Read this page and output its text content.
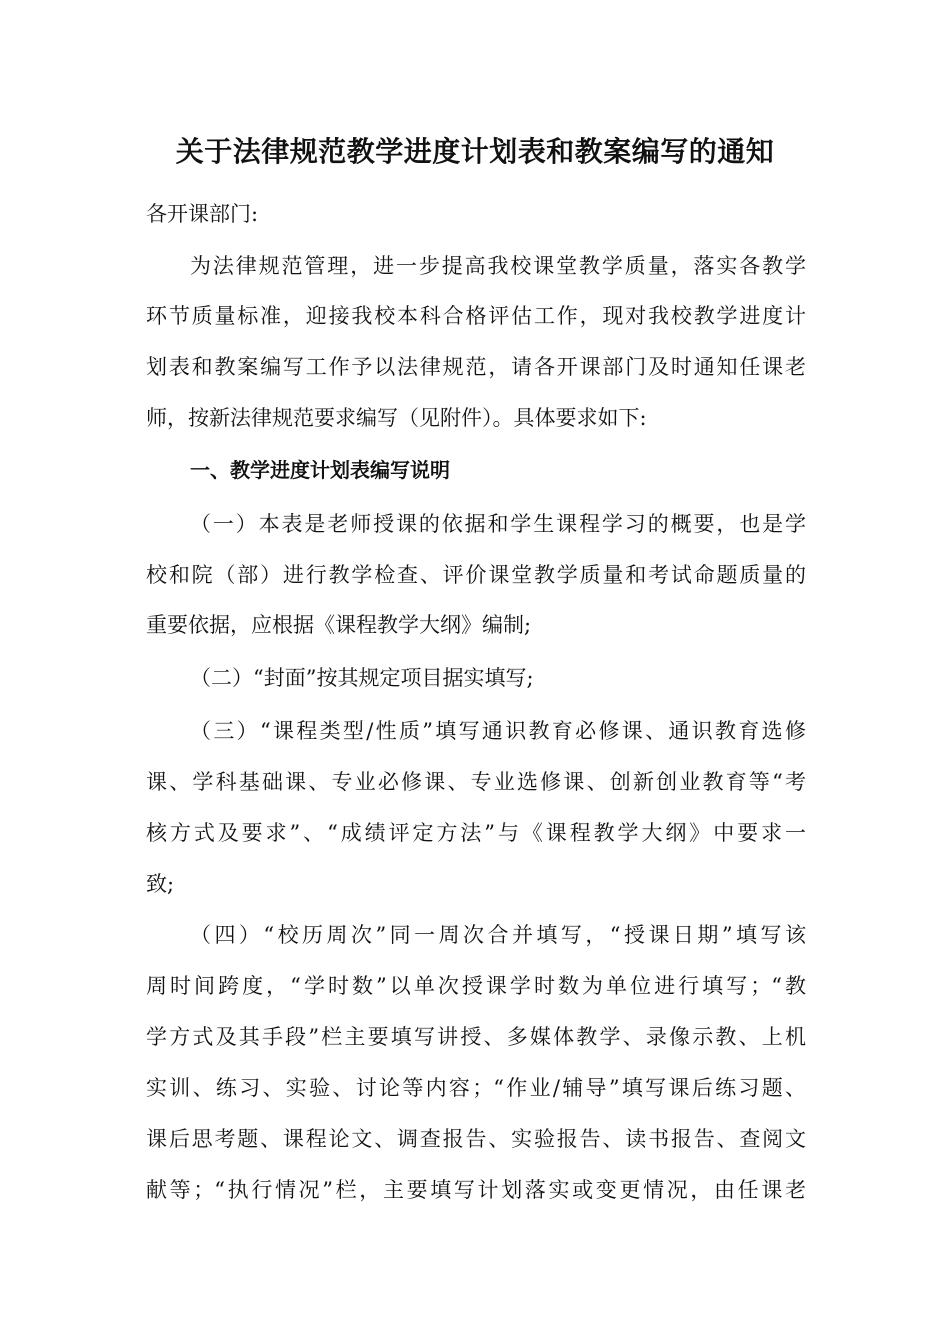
关于法律规范教学进度计划表和教案编写的通知
各开课部门:
为法律规范管理，进一步提高我校课堂教学质量，落实各教学
环节质量标准，迎接我校本科合格评估工作，现对我校教学进度计
划表和教案编写工作予以法律规范，请各开课部门及时通知任课老
师，按新法律规范要求编写（见附件）。具体要求如下:
一、教学进度计划表编写说明
（一）本表是老师授课的依据和学生课程学习的概要，也是学
校和院（部）进行教学检查、评价课堂教学质量和考试命题质量的
重要依据，应根据《课程教学大纲》编制;
（二）“封面”按其规定项目据实填写;
（三）“课程类型/性质”填写通识教育必修课、通识教育选修
课、学科基础课、专业必修课、专业选修课、创新创业教育等“考
核方式及要求”、“成绩评定方法”与《课程教学大纲》中要求一
致;
（四）“校历周次”同一周次合并填写，“授课日期”填写该
周时间跨度，“学时数”以单次授课学时数为单位进行填写；“教
学方式及其手段”栏主要填写讲授、多媒体教学、录像示教、上机
实训、练习、实验、讨论等内容；“作业/辅导”填写课后练习题、
课后思考题、课程论文、调查报告、实验报告、读书报告、查阅文
献等；“执行情况”栏，主要填写计划落实或变更情况，由任课老
